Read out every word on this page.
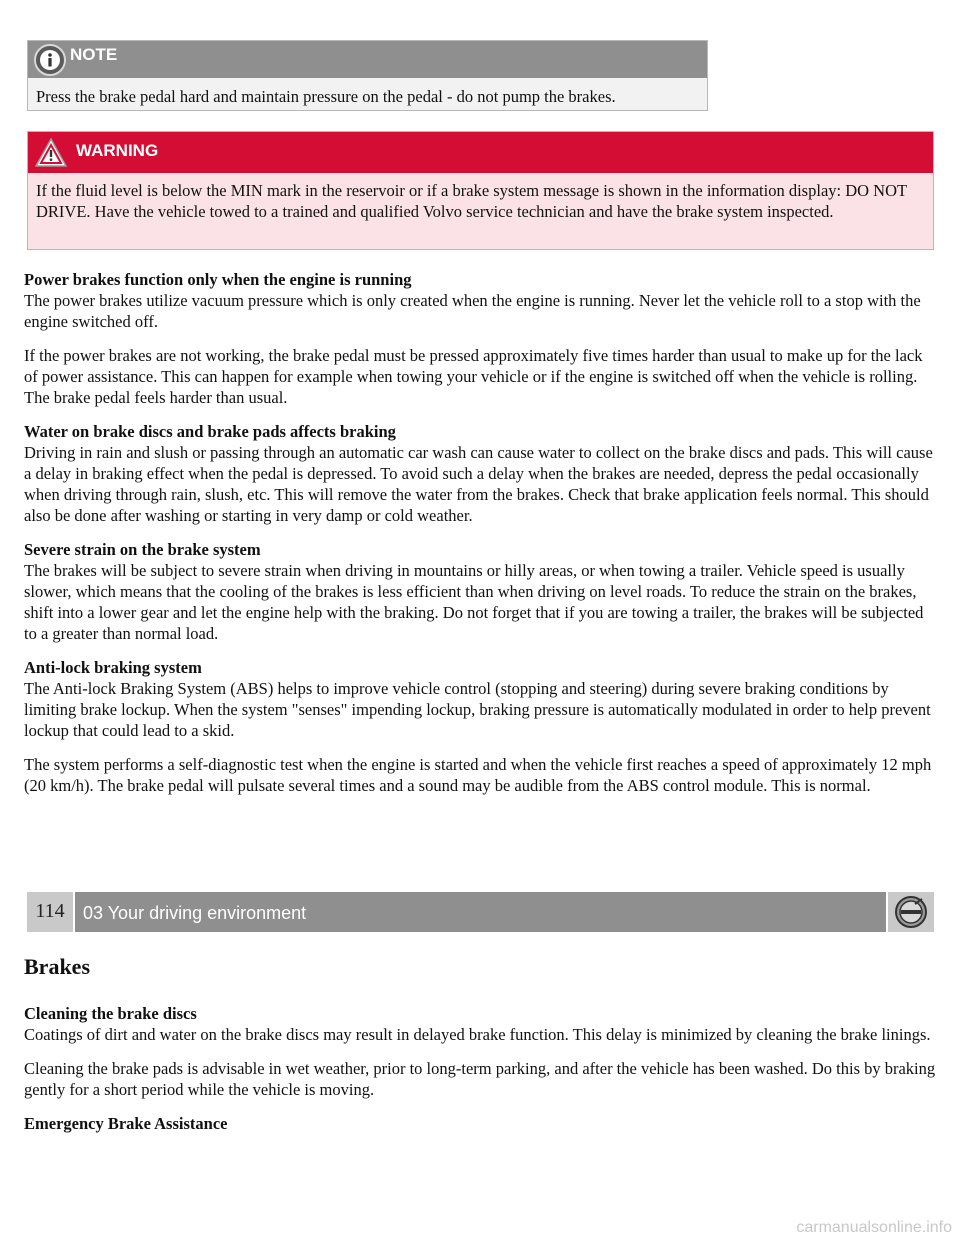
NOTE
Press the brake pedal hard and maintain pressure on the pedal - do not pump the brakes.
WARNING
If the fluid level is below the MIN mark in the reservoir or if a brake system message is shown in the information display: DO NOT DRIVE. Have the vehicle towed to a trained and qualified Volvo service technician and have the brake system inspected.

Power brakes function only when the engine is running
The power brakes utilize vacuum pressure which is only created when the engine is running. Never let the vehicle roll to a stop with the engine switched off.

If the power brakes are not working, the brake pedal must be pressed approximately five times harder than usual to make up for the lack of power assistance. This can happen for example when towing your vehicle or if the engine is switched off when the vehicle is rolling. The brake pedal feels harder than usual.

Water on brake discs and brake pads affects braking
Driving in rain and slush or passing through an automatic car wash can cause water to collect on the brake discs and pads. This will cause a delay in braking effect when the pedal is depressed. To avoid such a delay when the brakes are needed, depress the pedal occasionally when driving through rain, slush, etc. This will remove the water from the brakes. Check that brake application feels normal. This should also be done after washing or starting in very damp or cold weather.

Severe strain on the brake system
The brakes will be subject to severe strain when driving in mountains or hilly areas, or when towing a trailer. Vehicle speed is usually slower, which means that the cooling of the brakes is less efficient than when driving on level roads. To reduce the strain on the brakes, shift into a lower gear and let the engine help with the braking. Do not forget that if you are towing a trailer, the brakes will be subjected to a greater than normal load.

Anti-lock braking system
The Anti-lock Braking System (ABS) helps to improve vehicle control (stopping and steering) during severe braking conditions by limiting brake lockup. When the system "senses" impending lockup, braking pressure is automatically modulated in order to help prevent lockup that could lead to a skid.

The system performs a self-diagnostic test when the engine is started and when the vehicle first reaches a speed of approximately 12 mph (20 km/h). The brake pedal will pulsate several times and a sound may be audible from the ABS control module. This is normal.

114	03 Your driving environment
Brakes

Cleaning the brake discs
Coatings of dirt and water on the brake discs may result in delayed brake function. This delay is minimized by cleaning the brake linings.

Cleaning the brake pads is advisable in wet weather, prior to long-term parking, and after the vehicle has been washed. Do this by braking gently for a short period while the vehicle is moving.

Emergency Brake Assistance

carmanualsonline.info
